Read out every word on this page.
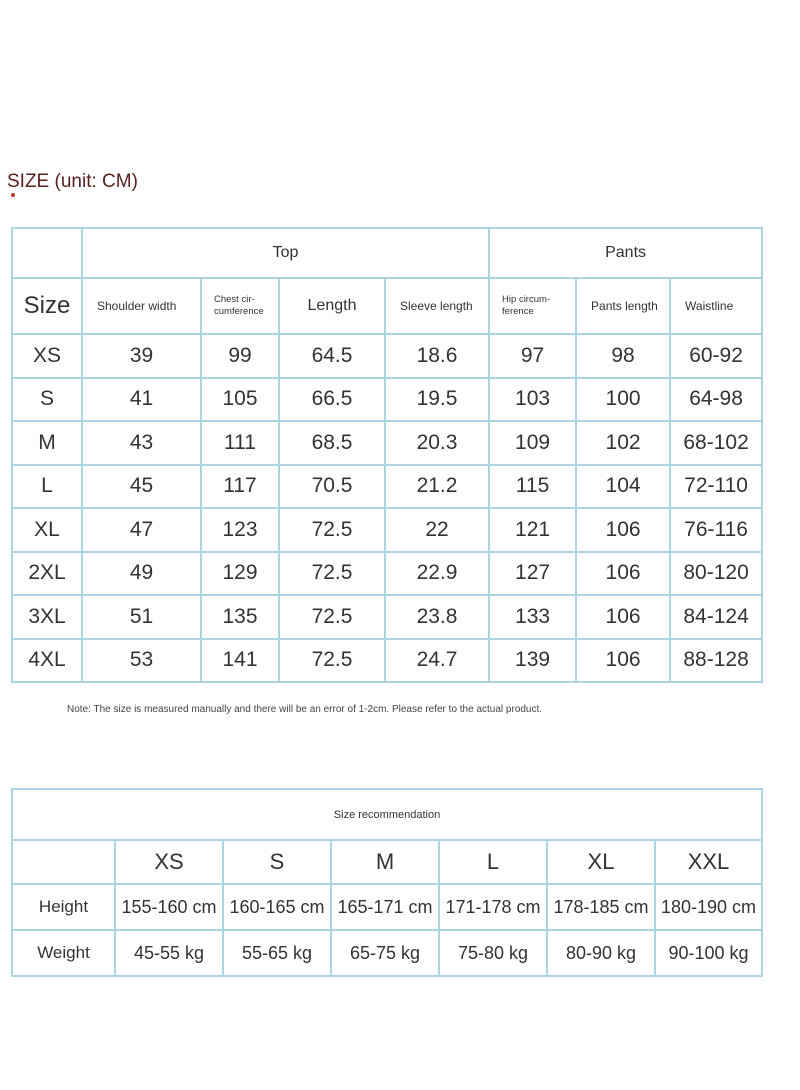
SIZE (unit: CM)
	Top				Pants		
Size	Shoulder width	Chest cir-cumference	Length	Sleeve length	Hip circum-ference	Pants length	Waistline
XS	39	99	64.5	18.6	97	98	60-92
S	41	105	66.5	19.5	103	100	64-98
M	43	111	68.5	20.3	109	102	68-102
L	45	117	70.5	21.2	115	104	72-110
XL	47	123	72.5	22	121	106	76-116
2XL	49	129	72.5	22.9	127	106	80-120
3XL	51	135	72.5	23.8	133	106	84-124
4XL	53	141	72.5	24.7	139	106	88-128
Note: The size is measured manually and there will be an error of 1-2cm. Please refer to the actual product.
Size recommendation						
	XS	S	M	L	XL	XXL
Height	155-160 cm	160-165 cm	165-171 cm	171-178 cm	178-185 cm	180-190 cm
Weight	45-55 kg	55-65 kg	65-75 kg	75-80 kg	80-90 kg	90-100 kg
